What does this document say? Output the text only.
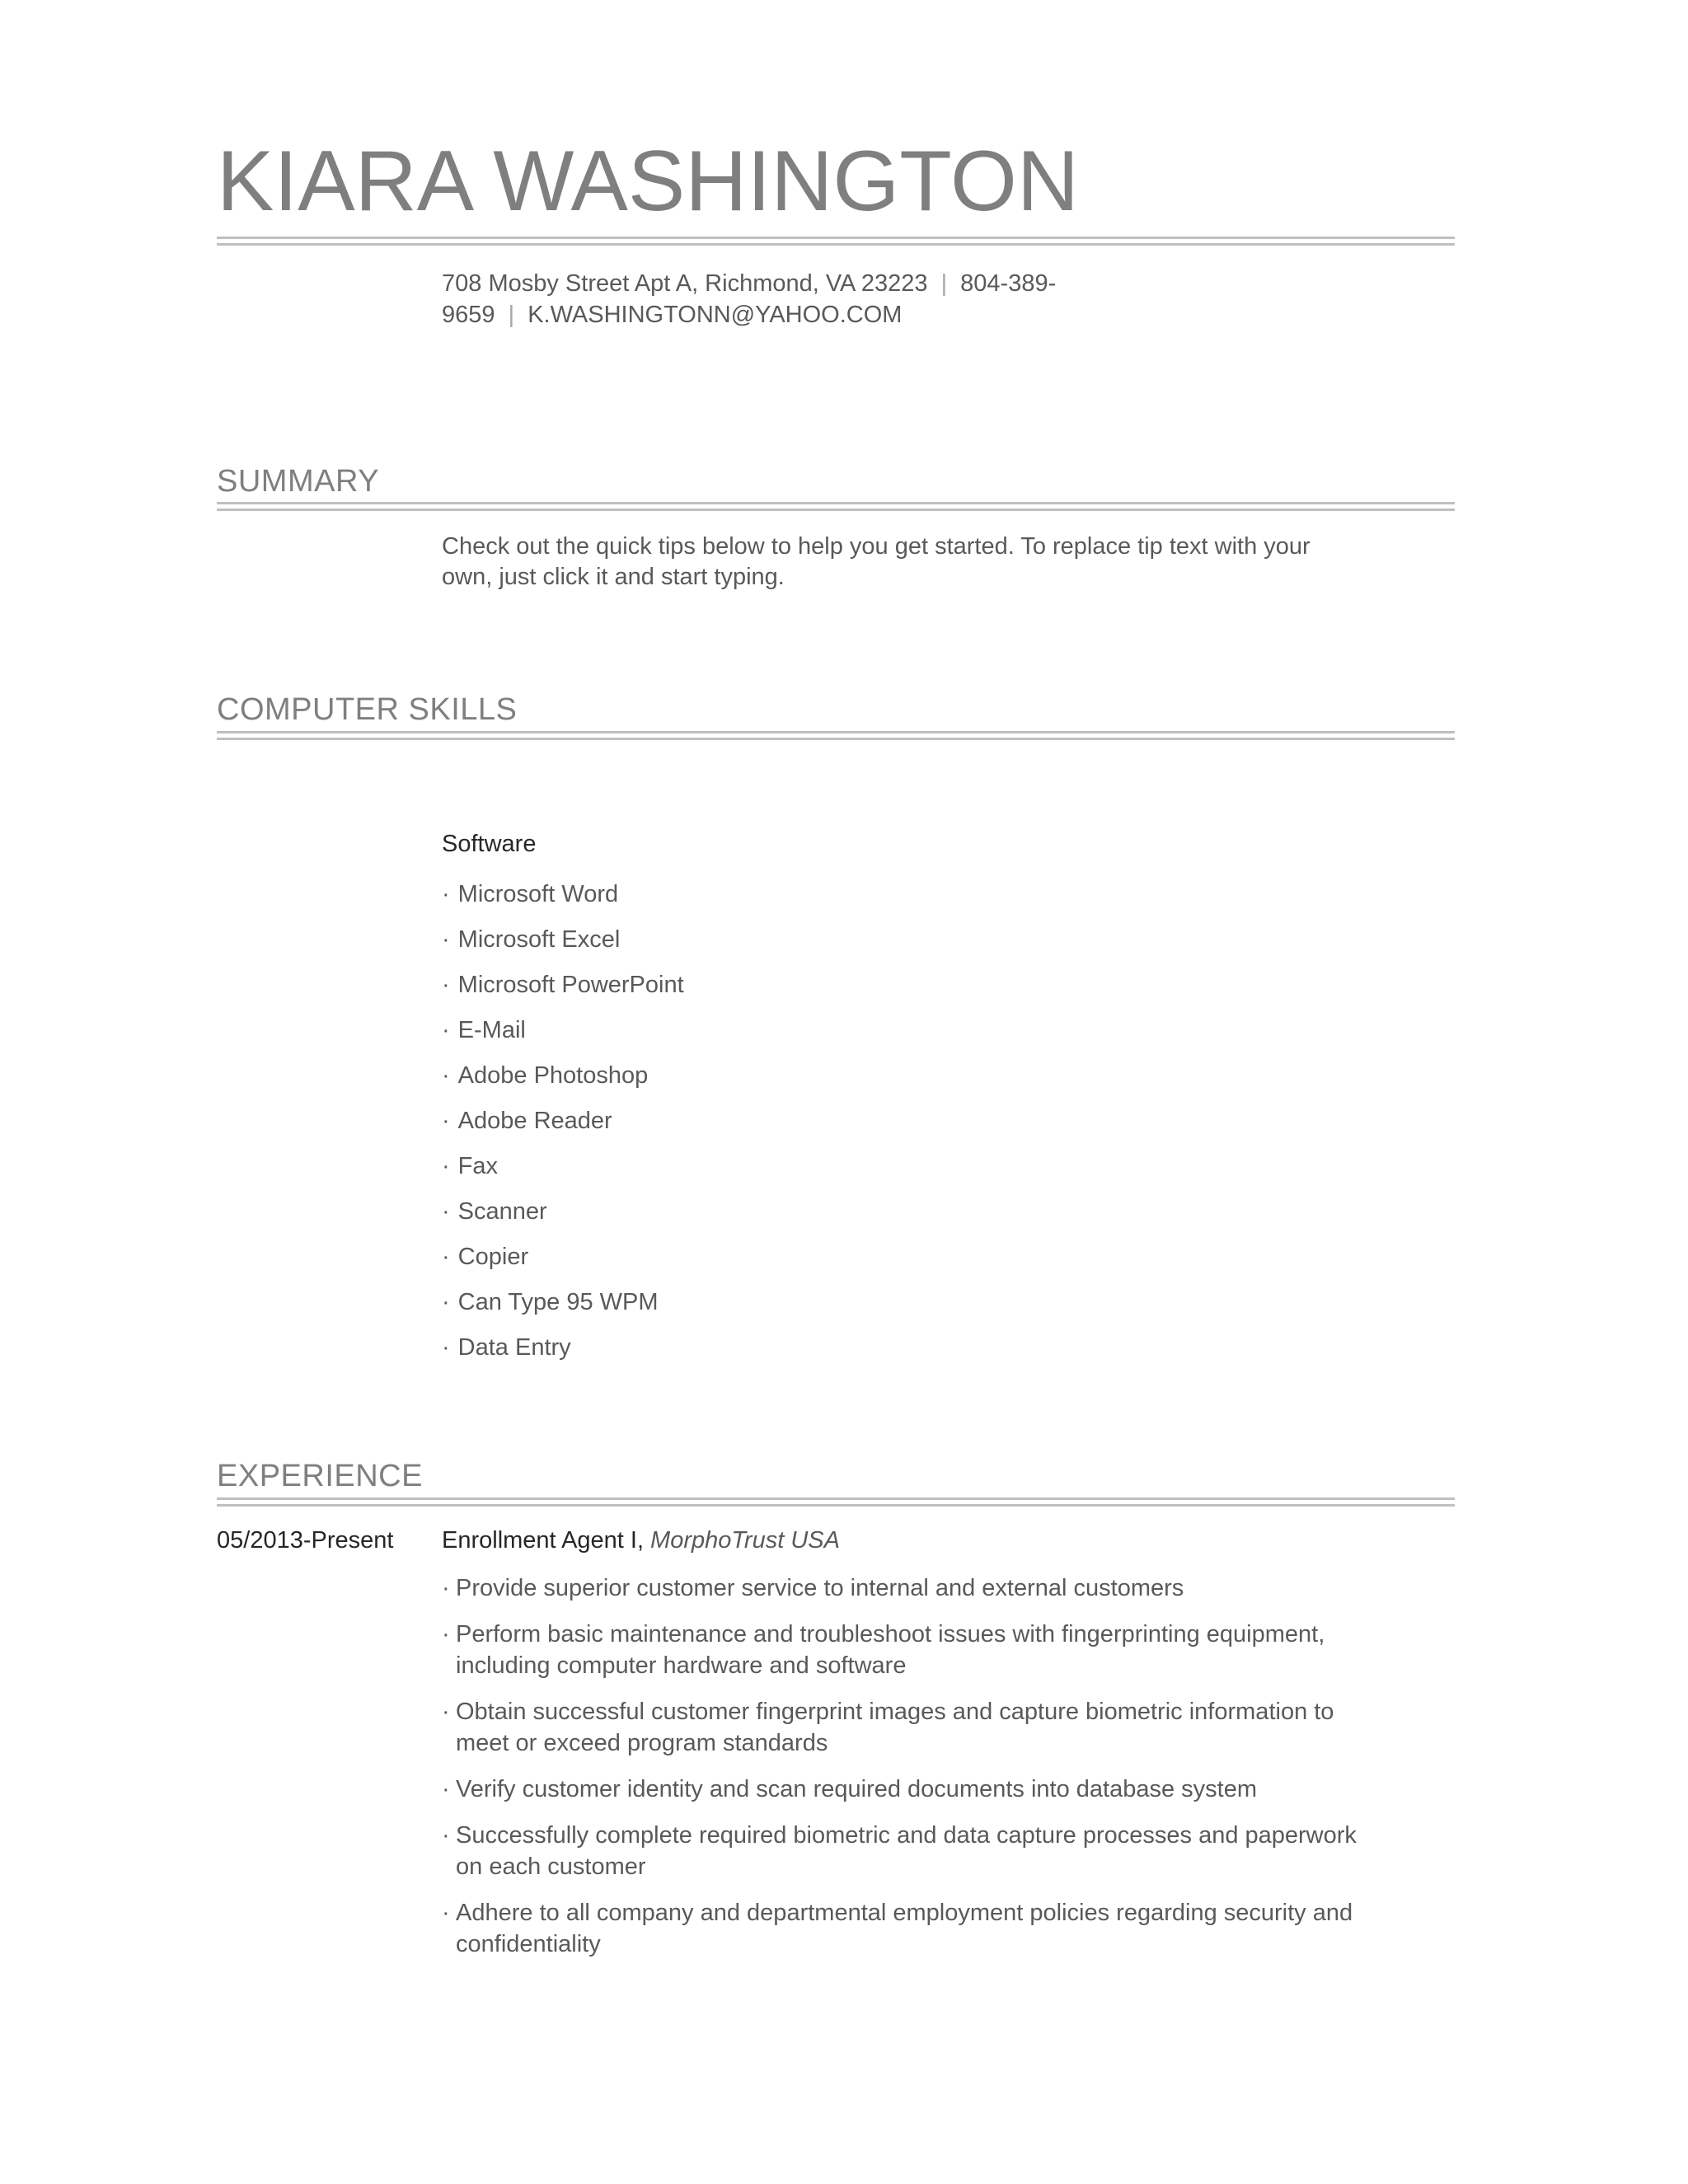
KIARA WASHINGTON
708 Mosby Street Apt A, Richmond, VA 23223 | 804-389-9659 | K.WASHINGTONN@YAHOO.COM
SUMMARY
Check out the quick tips below to help you get started. To replace tip text with your own, just click it and start typing.
COMPUTER SKILLS
Software
· Microsoft Word
· Microsoft Excel
· Microsoft PowerPoint
· E-Mail
· Adobe Photoshop
· Adobe Reader
· Fax
· Scanner
· Copier
· Can Type 95 WPM
· Data Entry
EXPERIENCE
05/2013-Present Enrollment Agent I, MorphoTrust USA
· Provide superior customer service to internal and external customers
· Perform basic maintenance and troubleshoot issues with fingerprinting equipment, including computer hardware and software
· Obtain successful customer fingerprint images and capture biometric information to meet or exceed program standards
· Verify customer identity and scan required documents into database system
· Successfully complete required biometric and data capture processes and paperwork on each customer
· Adhere to all company and departmental employment policies regarding security and confidentiality
